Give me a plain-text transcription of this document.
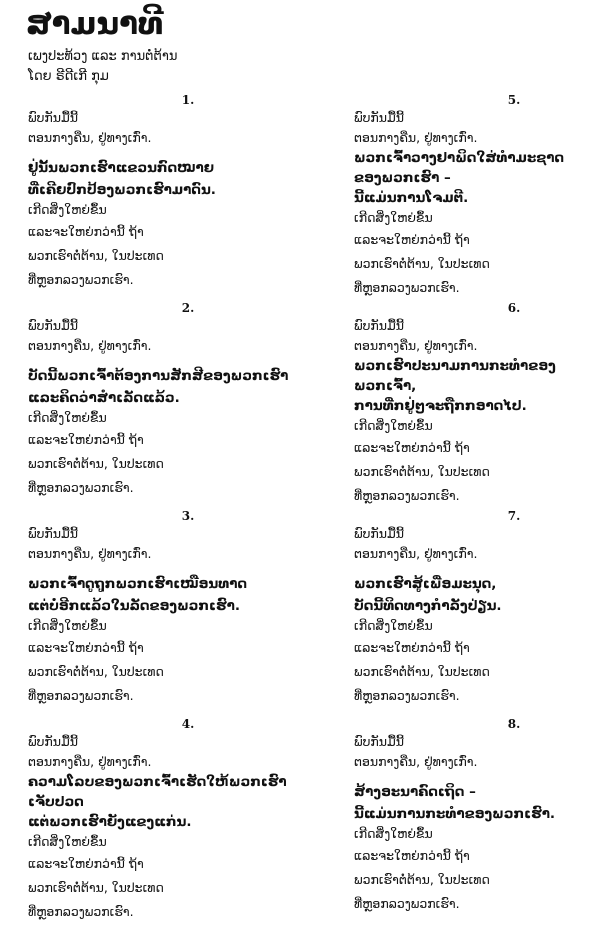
ສາມນາທີ
ເພງປະທ້ວງ ແລະ ການຕໍ່ຕ້ານ
ໂດຍ ຣີດີເກີ ກຸມ
1.
ພົບກັນມື້ນີ້
ຕອນກາງຄືນ, ຢູ່ທາງເກົ່າ.
ຢູ່ນັ້ນພວກເຮົາແຂວນກົດໝາຍ
ທີ່ເຄີຍປົກປ້ອງພວກເຮົາມາດົນ.
ເກີດສິ່ງໃຫຍ່ຂຶ້ນ
ແລະຈະໃຫຍ່ກວ່ານີ້ ຖ້າ
ພວກເຮົາຕໍ່ຕ້ານ, ໃນປະເທດ
ທີ່ຫຼອກລວງພວກເຮົາ.
2.
ພົບກັນມື້ນີ້
ຕອນກາງຄືນ, ຢູ່ທາງເກົ່າ.
ບັດນີ້ພວກເຈົ້າຕ້ອງການສັກສີຂອງພວກເຮົາ
ແລະຄິດວ່າສຳເລັດແລ້ວ.
ເກີດສິ່ງໃຫຍ່ຂຶ້ນ
ແລະຈະໃຫຍ່ກວ່ານີ້ ຖ້າ
ພວກເຮົາຕໍ່ຕ້ານ, ໃນປະເທດ
ທີ່ຫຼອກລວງພວກເຮົາ.
3.
ພົບກັນມື້ນີ້
ຕອນກາງຄືນ, ຢູ່ທາງເກົ່າ.
ພວກເຈົ້າດູຖູກພວກເຮົາເໝືອນທາດ
ແຕ່ບໍ່ອີກແລ້ວໃນລັດຂອງພວກເຮົາ.
ເກີດສິ່ງໃຫຍ່ຂຶ້ນ
ແລະຈະໃຫຍ່ກວ່ານີ້ ຖ້າ
ພວກເຮົາຕໍ່ຕ້ານ, ໃນປະເທດ
ທີ່ຫຼອກລວງພວກເຮົາ.
4.
ພົບກັນມື້ນີ້
ຕອນກາງຄືນ, ຢູ່ທາງເກົ່າ.
ຄວາມໂລບຂອງພວກເຈົ້າເຮັດໃຫ້ພວກເຮົາ
ເຈັບປວດ
ແຕ່ພວກເຮົາຍັງແຂງແກ່ນ.
ເກີດສິ່ງໃຫຍ່ຂຶ້ນ
ແລະຈະໃຫຍ່ກວ່ານີ້ ຖ້າ
ພວກເຮົາຕໍ່ຕ້ານ, ໃນປະເທດ
ທີ່ຫຼອກລວງພວກເຮົາ.
5.
ພົບກັນມື້ນີ້
ຕອນກາງຄືນ, ຢູ່ທາງເກົ່າ.
ພວກເຈົ້າວາງຢາພິດໃສ່ທຳມະຊາດ
ຂອງພວກເຮົາ –
ນີ້ແມ່ນການໂຈມຕີ.
ເກີດສິ່ງໃຫຍ່ຂຶ້ນ
ແລະຈະໃຫຍ່ກວ່ານີ້ ຖ້າ
ພວກເຮົາຕໍ່ຕ້ານ, ໃນປະເທດ
ທີ່ຫຼອກລວງພວກເຮົາ.
6.
ພົບກັນມື້ນີ້
ຕອນກາງຄືນ, ຢູ່ທາງເກົ່າ.
ພວກເຮົາປະນາມການກະທຳຂອງ
ພວກເຈົ້າ,
ການທີ່ກຢູ່ໆຈະຖືກກອາດໄປ.
ເກີດສິ່ງໃຫຍ່ຂຶ້ນ
ແລະຈະໃຫຍ່ກວ່ານີ້ ຖ້າ
ພວກເຮົາຕໍ່ຕ້ານ, ໃນປະເທດ
ທີ່ຫຼອກລວງພວກເຮົາ.
7.
ພົບກັນມື້ນີ້
ຕອນກາງຄືນ, ຢູ່ທາງເກົ່າ.
ພວກເຮົາສູ້ເພື່ອມະນຸດ,
ບັດນີ້ທິດທາງກຳລັງປ່ຽນ.
ເກີດສິ່ງໃຫຍ່ຂຶ້ນ
ແລະຈະໃຫຍ່ກວ່ານີ້ ຖ້າ
ພວກເຮົາຕໍ່ຕ້ານ, ໃນປະເທດ
ທີ່ຫຼອກລວງພວກເຮົາ.
8.
ພົບກັນມື້ນີ້
ຕອນກາງຄືນ, ຢູ່ທາງເກົ່າ.
ສ້າງອະນາຄົດເຖິດ –
ນີ້ແມ່ນການກະທຳຂອງພວກເຮົາ.
ເກີດສິ່ງໃຫຍ່ຂຶ້ນ
ແລະຈະໃຫຍ່ກວ່ານີ້ ຖ້າ
ພວກເຮົາຕໍ່ຕ້ານ, ໃນປະເທດ
ທີ່ຫຼອກລວງພວກເຮົາ.
